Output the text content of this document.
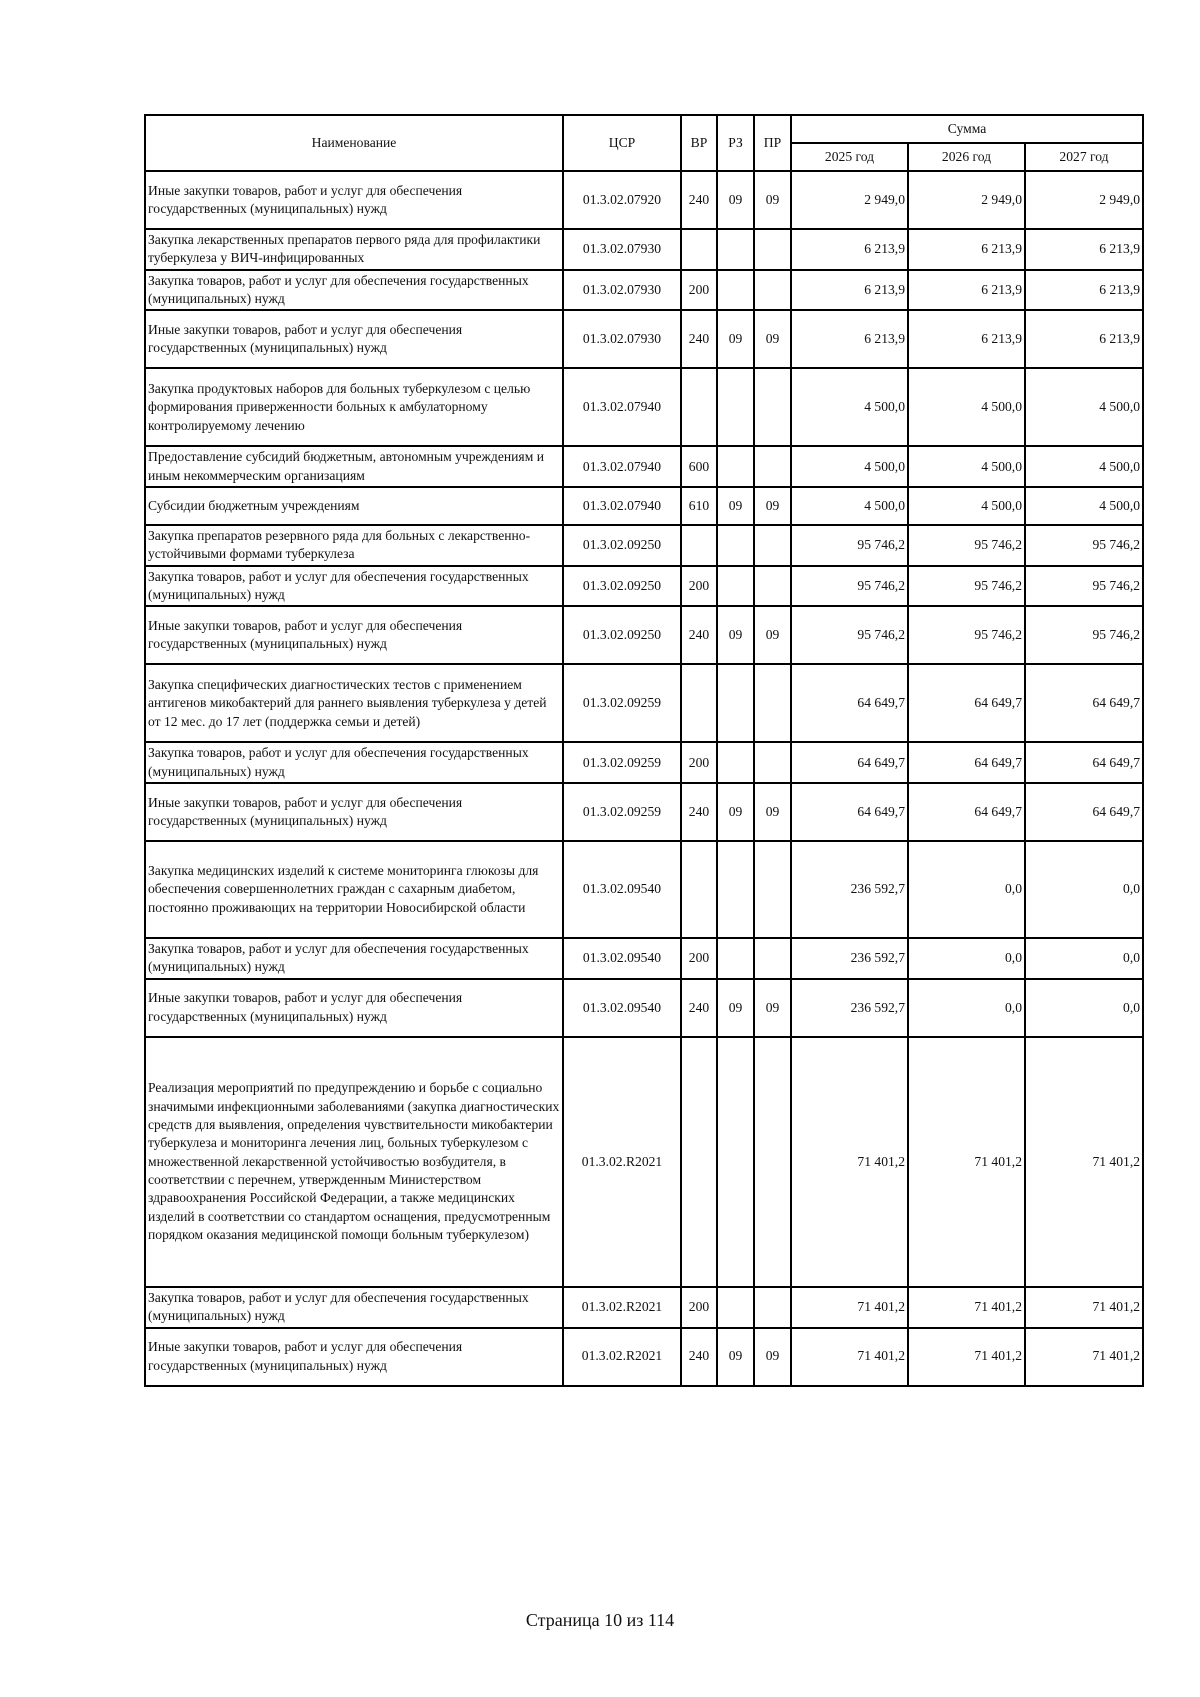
Наименование	ЦСР	ВР	РЗ	ПР	Сумма		
					2025 год	2026 год	2027 год
Иные закупки товаров, работ и услуг для обеспечения государственных (муниципальных) нужд	01.3.02.07920	240	09	09	2 949,0	2 949,0	2 949,0
Закупка лекарственных препаратов первого ряда для профилактики туберкулеза у ВИЧ-инфицированных	01.3.02.07930				6 213,9	6 213,9	6 213,9
Закупка товаров, работ и услуг для обеспечения государственных (муниципальных) нужд	01.3.02.07930	200			6 213,9	6 213,9	6 213,9
Иные закупки товаров, работ и услуг для обеспечения государственных (муниципальных) нужд	01.3.02.07930	240	09	09	6 213,9	6 213,9	6 213,9
Закупка продуктовых наборов для больных туберкулезом с целью формирования приверженности больных к амбулаторному контролируемому лечению	01.3.02.07940				4 500,0	4 500,0	4 500,0
Предоставление субсидий бюджетным, автономным учреждениям и иным некоммерческим организациям	01.3.02.07940	600			4 500,0	4 500,0	4 500,0
Субсидии бюджетным учреждениям	01.3.02.07940	610	09	09	4 500,0	4 500,0	4 500,0
Закупка препаратов резервного ряда для больных с лекарственно-устойчивыми формами туберкулеза	01.3.02.09250				95 746,2	95 746,2	95 746,2
Закупка товаров, работ и услуг для обеспечения государственных (муниципальных) нужд	01.3.02.09250	200			95 746,2	95 746,2	95 746,2
Иные закупки товаров, работ и услуг для обеспечения государственных (муниципальных) нужд	01.3.02.09250	240	09	09	95 746,2	95 746,2	95 746,2
Закупка специфических диагностических тестов с применением антигенов микобактерий для раннего выявления туберкулеза у детей от 12 мес. до 17 лет (поддержка семьи и детей)	01.3.02.09259				64 649,7	64 649,7	64 649,7
Закупка товаров, работ и услуг для обеспечения государственных (муниципальных) нужд	01.3.02.09259	200			64 649,7	64 649,7	64 649,7
Иные закупки товаров, работ и услуг для обеспечения государственных (муниципальных) нужд	01.3.02.09259	240	09	09	64 649,7	64 649,7	64 649,7
Закупка медицинских изделий к системе мониторинга глюкозы для обеспечения совершеннолетних граждан с сахарным диабетом, постоянно проживающих на территории Новосибирской области	01.3.02.09540				236 592,7	0,0	0,0
Закупка товаров, работ и услуг для обеспечения государственных (муниципальных) нужд	01.3.02.09540	200			236 592,7	0,0	0,0
Иные закупки товаров, работ и услуг для обеспечения государственных (муниципальных) нужд	01.3.02.09540	240	09	09	236 592,7	0,0	0,0
Реализация мероприятий по предупреждению и борьбе с социально значимыми инфекционными заболеваниями (закупка диагностических средств для выявления, определения чувствительности микобактерии туберкулеза и мониторинга лечения лиц, больных туберкулезом с множественной лекарственной устойчивостью возбудителя, в соответствии с перечнем, утвержденным Министерством здравоохранения Российской Федерации, а также медицинских изделий в соответствии со стандартом оснащения, предусмотренным порядком оказания медицинской помощи больным туберкулезом)	01.3.02.R2021				71 401,2	71 401,2	71 401,2
Закупка товаров, работ и услуг для обеспечения государственных (муниципальных) нужд	01.3.02.R2021	200			71 401,2	71 401,2	71 401,2
Иные закупки товаров, работ и услуг для обеспечения государственных (муниципальных) нужд	01.3.02.R2021	240	09	09	71 401,2	71 401,2	71 401,2
Страница 10 из 114
